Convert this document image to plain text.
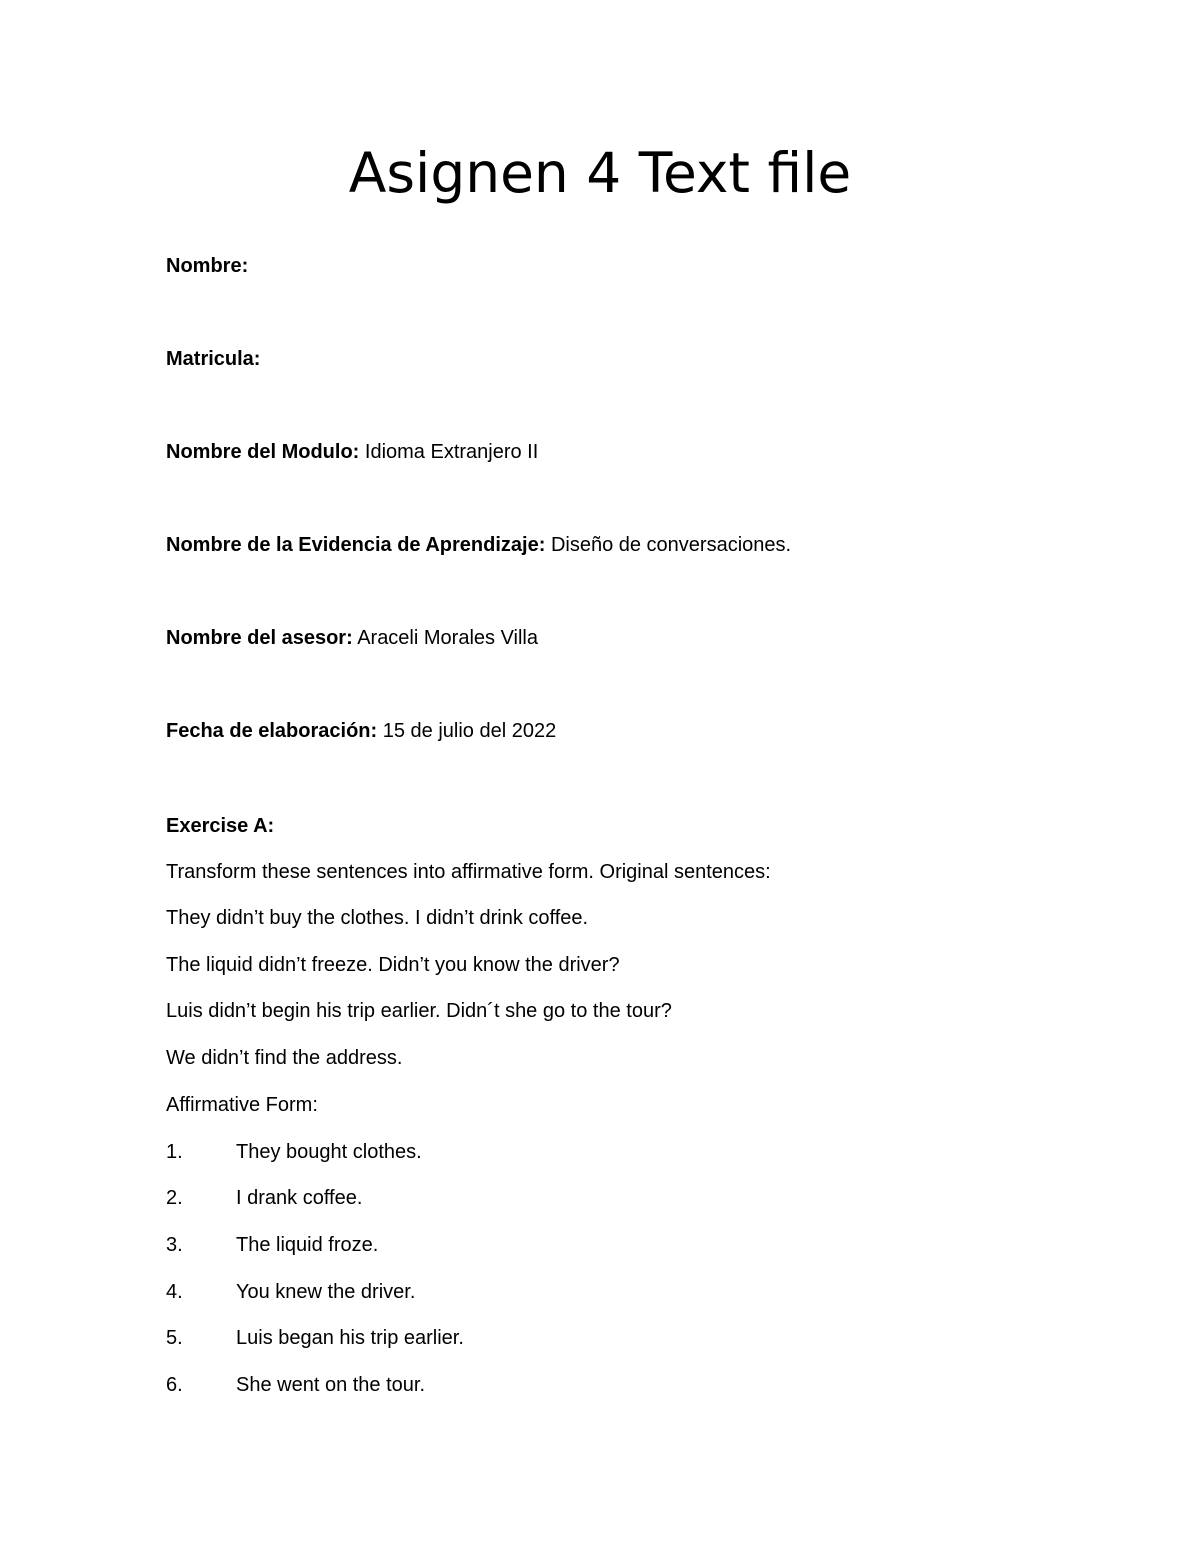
Asignen 4 Text file
Nombre:
Matricula:
Nombre del Modulo: Idioma Extranjero II
Nombre de la Evidencia de Aprendizaje: Diseño de conversaciones.
Nombre del asesor: Araceli Morales Villa
Fecha de elaboración: 15 de julio del 2022
Exercise A:
Transform these sentences into affirmative form. Original sentences:
They didn’t buy the clothes. I didn’t drink coffee.
The liquid didn’t freeze. Didn’t you know the driver?
Luis didn’t begin his trip earlier. Didn´t she go to the tour?
We didn’t find the address.
Affirmative Form:
1.	They bought clothes.
2.	I drank coffee.
3.	The liquid froze.
4.	You knew the driver.
5.	Luis began his trip earlier.
6.	She went on the tour.
